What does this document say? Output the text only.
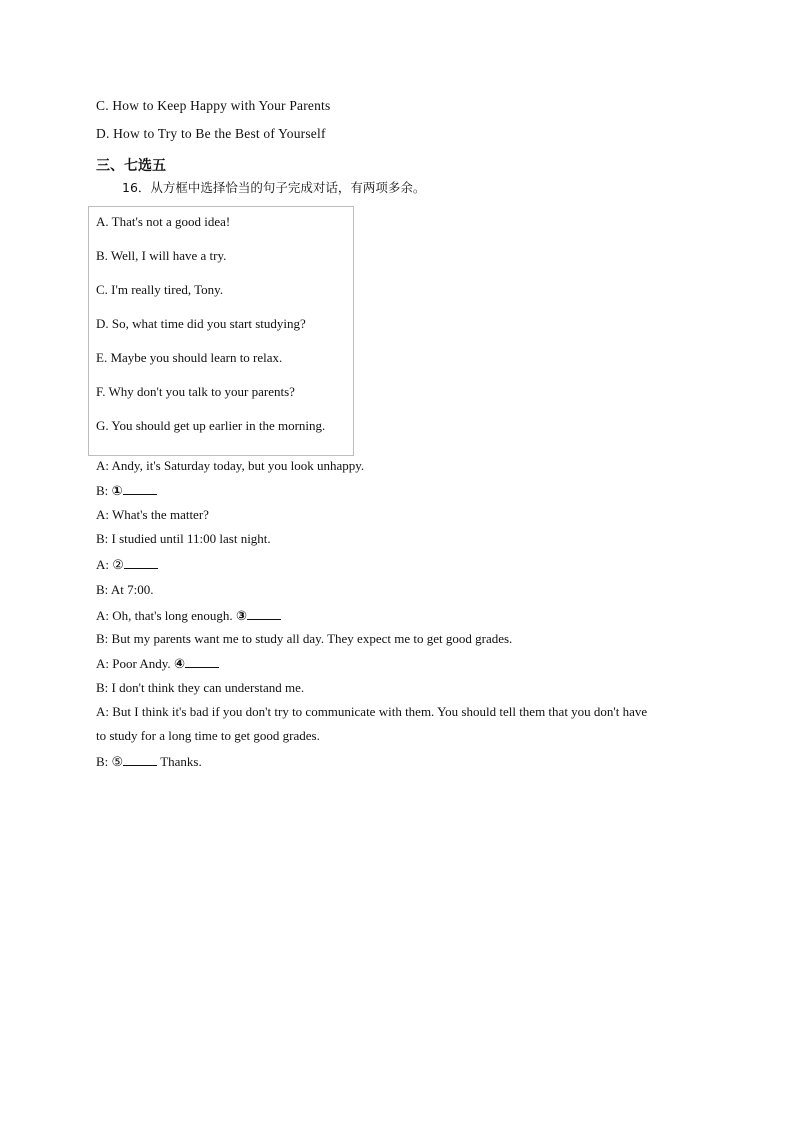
C. How to Keep Happy with Your Parents
D. How to Try to Be the Best of Yourself
三、七选五
16．从方框中选择恰当的句子完成对话，有两项多余。
A. That's not a good idea!
B. Well, I will have a try.
C. I'm really tired, Tony.
D. So, what time did you start studying?
E. Maybe you should learn to relax.
F. Why don't you talk to your parents?
G. You should get up earlier in the morning.
A: Andy, it's Saturday today, but you look unhappy.
B: ①
A: What's the matter?
B: I studied until 11:00 last night.
A: ②
B: At 7:00.
A: Oh, that's long enough. ③
B: But my parents want me to study all day. They expect me to get good grades.
A: Poor Andy. ④
B: I don't think they can understand me.
A: But I think it's bad if you don't try to communicate with them. You should tell them that you don't have
to study for a long time to get good grades.
B: ⑤	Thanks.
